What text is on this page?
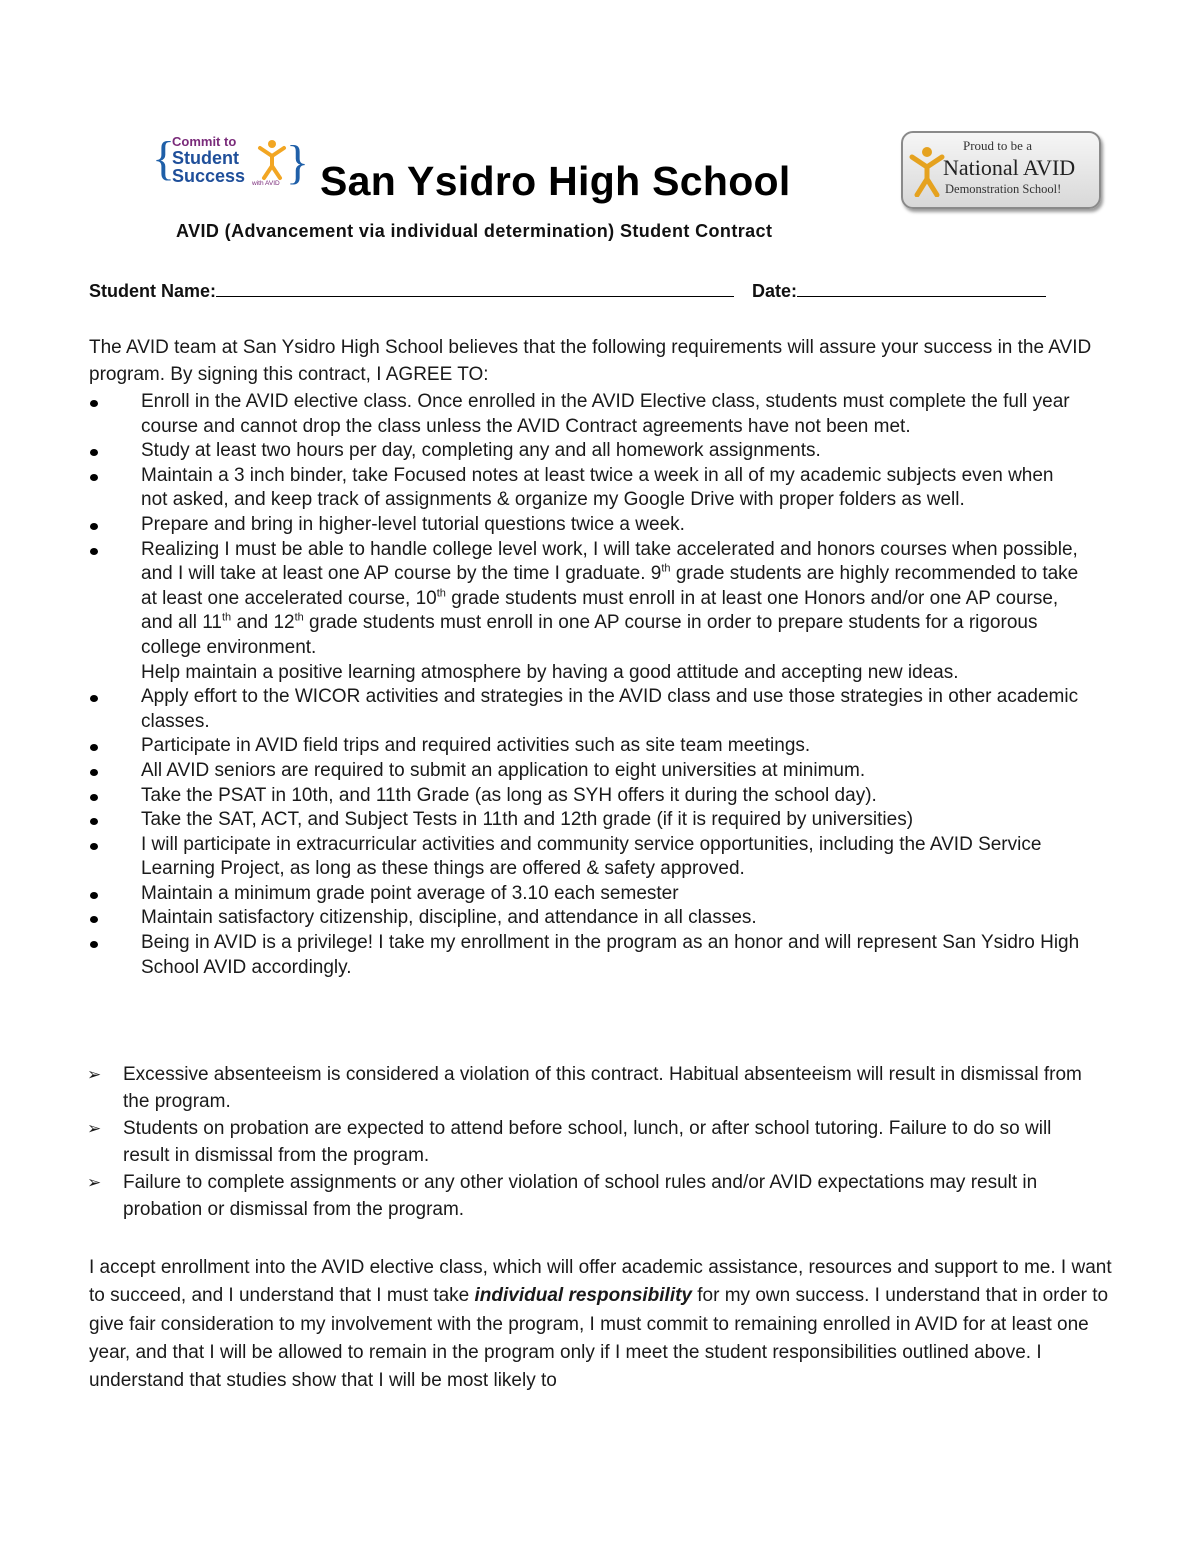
{
Commit to
Student
Success with AVID } San Ysidro High School
Proud to be a
National AVID
Demonstration School!
AVID (Advancement via individual determination) Student Contract
Student Name:	Date:

The AVID team at San Ysidro High School believes that the following requirements will assure your success in the AVID program. By signing this contract, I AGREE TO:

Enroll in the AVID elective class. Once enrolled in the AVID Elective class, students must complete the full year course and cannot drop the class unless the AVID Contract agreements have not been met.
Study at least two hours per day, completing any and all homework assignments.
Maintain a 3 inch binder, take Focused notes at least twice a week in all of my academic subjects even when not asked, and keep track of assignments & organize my Google Drive with proper folders as well.
Prepare and bring in higher-level tutorial questions twice a week.
Realizing I must be able to handle college level work, I will take accelerated and honors courses when possible, and I will take at least one AP course by the time I graduate. 9th grade students are highly recommended to take at least one accelerated course, 10th grade students must enroll in at least one Honors and/or one AP course, and all 11th and 12th grade students must enroll in one AP course in order to prepare students for a rigorous college environment.
Help maintain a positive learning atmosphere by having a good attitude and accepting new ideas.
Apply effort to the WICOR activities and strategies in the AVID class and use those strategies in other academic classes.
Participate in AVID field trips and required activities such as site team meetings.
All AVID seniors are required to submit an application to eight universities at minimum.
Take the PSAT in 10th, and 11th Grade (as long as SYH offers it during the school day).
Take the SAT, ACT, and Subject Tests in 11th and 12th grade (if it is required by universities)
I will participate in extracurricular activities and community service opportunities, including the AVID Service Learning Project, as long as these things are offered & safety approved.
Maintain a minimum grade point average of 3.10 each semester
Maintain satisfactory citizenship, discipline, and attendance in all classes.
Being in AVID is a privilege! I take my enrollment in the program as an honor and will represent San Ysidro High School AVID accordingly.
➢ Excessive absenteeism is considered a violation of this contract. Habitual absenteeism will result in dismissal from the program.
➢ Students on probation are expected to attend before school, lunch, or after school tutoring. Failure to do so will result in dismissal from the program.
➢ Failure to complete assignments or any other violation of school rules and/or AVID expectations may result in probation or dismissal from the program.

I accept enrollment into the AVID elective class, which will offer academic assistance, resources and support to me. I want to succeed, and I understand that I must take individual responsibility for my own success. I understand that in order to give fair consideration to my involvement with the program, I must commit to remaining enrolled in AVID for at least one year, and that I will be allowed to remain in the program only if I meet the student responsibilities outlined above. I understand that studies show that I will be most likely to
